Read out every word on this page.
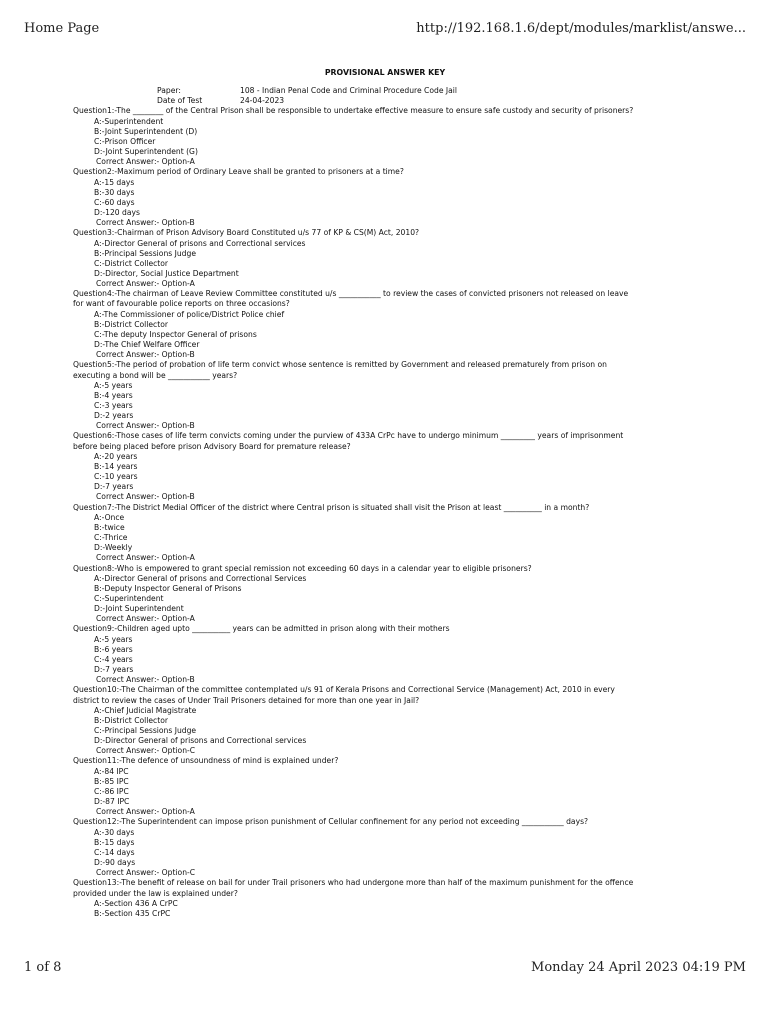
Home Page	http://192.168.1.6/dept/modules/marklist/answe...
PROVISIONAL ANSWER KEY
Paper:	108 - Indian Penal Code and Criminal Procedure Code Jail
Date of Test	24-04-2023
Question1:-The ________ of the Central Prison shall be responsible to undertake effective measure to ensure safe custody and security of prisoners?
A:-Superintendent
B:-Joint Superintendent (D)
C:-Prison Officer
D:-Joint Superintendent (G)
Correct Answer:- Option-A
Question2:-Maximum period of Ordinary Leave shall be granted to prisoners at a time?
A:-15 days
B:-30 days
C:-60 days
D:-120 days
Correct Answer:- Option-B
Question3:-Chairman of Prison Advisory Board Constituted u/s 77 of KP & CS(M) Act, 2010?
A:-Director General of prisons and Correctional services
B:-Principal Sessions Judge
C:-District Collector
D:-Director, Social Justice Department
Correct Answer:- Option-A
Question4:-The chairman of Leave Review Committee constituted u/s ___________ to review the cases of convicted prisoners not released on leave
for want of favourable police reports on three occasions?
A:-The Commissioner of police/District Police chief
B:-District Collector
C:-The deputy Inspector General of prisons
D:-The Chief Welfare Officer
Correct Answer:- Option-B
Question5:-The period of probation of life term convict whose sentence is remitted by Government and released prematurely from prison on
executing a bond will be ___________ years?
A:-5 years
B:-4 years
C:-3 years
D:-2 years
Correct Answer:- Option-B
Question6:-Those cases of life term convicts coming under the purview of 433A CrPc have to undergo minimum _________ years of imprisonment
before being placed before prison Advisory Board for premature release?
A:-20 years
B:-14 years
C:-10 years
D:-7 years
Correct Answer:- Option-B
Question7:-The District Medial Officer of the district where Central prison is situated shall visit the Prison at least __________ in a month?
A:-Once
B:-twice
C:-Thrice
D:-Weekly
Correct Answer:- Option-A
Question8:-Who is empowered to grant special remission not exceeding 60 days in a calendar year to eligible prisoners?
A:-Director General of prisons and Correctional Services
B:-Deputy Inspector General of Prisons
C:-Superintendent
D:-Joint Superintendent
Correct Answer:- Option-A
Question9:-Children aged upto __________ years can be admitted in prison along with their mothers
A:-5 years
B:-6 years
C:-4 years
D:-7 years
Correct Answer:- Option-B
Question10:-The Chairman of the committee contemplated u/s 91 of Kerala Prisons and Correctional Service (Management) Act, 2010 in every
district to review the cases of Under Trail Prisoners detained for more than one year in Jail?
A:-Chief Judicial Magistrate
B:-District Collector
C:-Principal Sessions Judge
D:-Director General of prisons and Correctional services
Correct Answer:- Option-C
Question11:-The defence of unsoundness of mind is explained under?
A:-84 IPC
B:-85 IPC
C:-86 IPC
D:-87 IPC
Correct Answer:- Option-A
Question12:-The Superintendent can impose prison punishment of Cellular confinement for any period not exceeding ___________ days?
A:-30 days
B:-15 days
C:-14 days
D:-90 days
Correct Answer:- Option-C
Question13:-The benefit of release on bail for under Trail prisoners who had undergone more than half of the maximum punishment for the offence
provided under the law is explained under?
A:-Section 436 A CrPC
B:-Section 435 CrPC
1 of 8	Monday 24 April 2023 04:19 PM
